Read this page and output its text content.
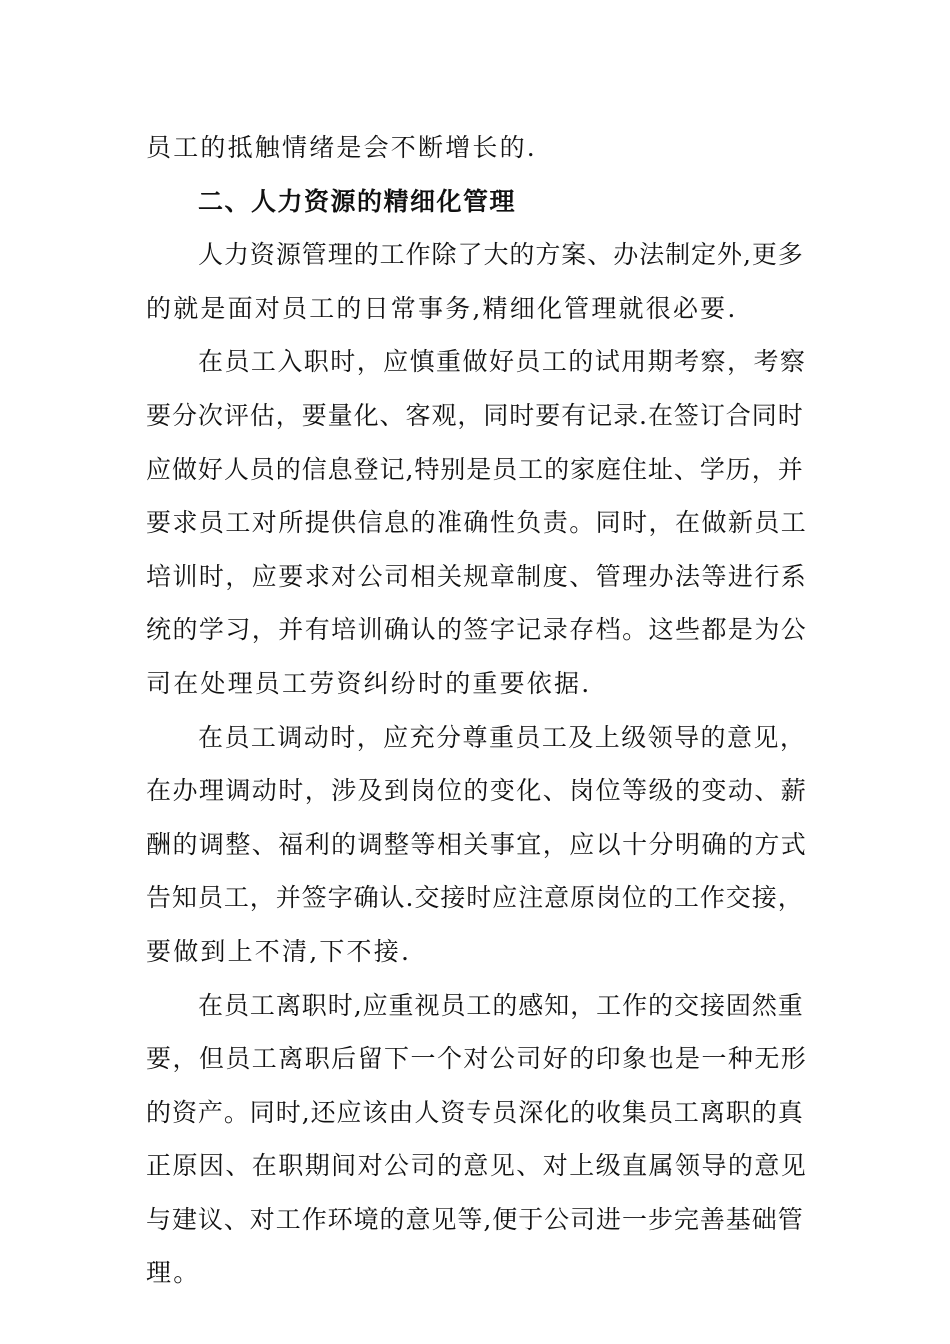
员工的抵触情绪是会不断增长的.
二、人力资源的精细化管理
人力资源管理的工作除了大的方案、办法制定外,更多
的就是面对员工的日常事务,精细化管理就很必要.
在员工入职时，应慎重做好员工的试用期考察，考察
要分次评估，要量化、客观，同时要有记录.在签订合同时
应做好人员的信息登记,特别是员工的家庭住址、学历，并
要求员工对所提供信息的准确性负责。同时，在做新员工
培训时，应要求对公司相关规章制度、管理办法等进行系
统的学习，并有培训确认的签字记录存档。这些都是为公
司在处理员工劳资纠纷时的重要依据.
在员工调动时，应充分尊重员工及上级领导的意见，
在办理调动时，涉及到岗位的变化、岗位等级的变动、薪
酬的调整、福利的调整等相关事宜，应以十分明确的方式
告知员工，并签字确认.交接时应注意原岗位的工作交接，
要做到上不清,下不接.
在员工离职时,应重视员工的感知，工作的交接固然重
要，但员工离职后留下一个对公司好的印象也是一种无形
的资产。同时,还应该由人资专员深化的收集员工离职的真
正原因、在职期间对公司的意见、对上级直属领导的意见
与建议、对工作环境的意见等,便于公司进一步完善基础管
理。
